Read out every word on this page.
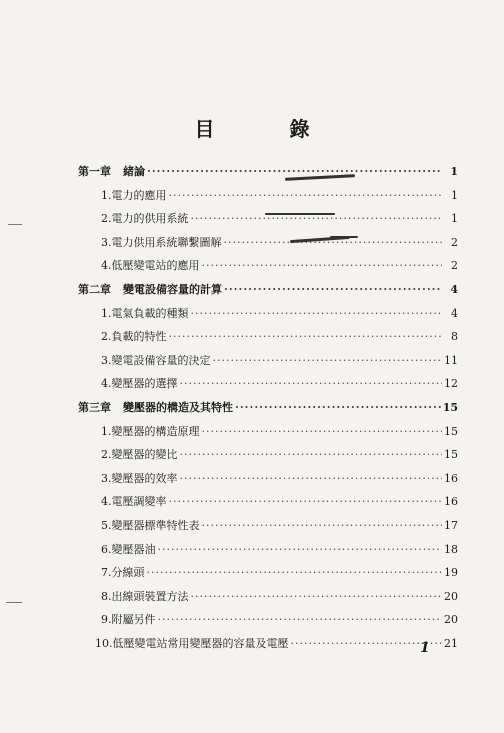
目 錄
第一章 緒論 ·····	1
1.電力的應用 ·····	1
2.電力的供用系統 ·····	1
3.電力供用系統聯繫圖解 ·····	2
4.低壓變電站的應用 ·····	2
第二章 變電設備容量的計算 ·····	4
1.電氣負載的種類 ·····	4
2.負載的特性 ·····	8
3.變電設備容量的決定 ·····	11
4.變壓器的選擇 ·····	12
第三章 變壓器的構造及其特性 ·····	15
1.變壓器的構造原理 ·····	15
2.變壓器的變比 ·····	15
3.變壓器的效率 ·····	16
4.電壓調變率 ·····	16
5.變壓器標準特性表 ·····	17
6.變壓器油 ·····	18
7.分線頭 ·····	19
8.出線頭裝置方法 ·····	20
9.附屬另件 ·····	20
10.低壓變電站常用變壓器的容量及電壓 ·····	21
1
